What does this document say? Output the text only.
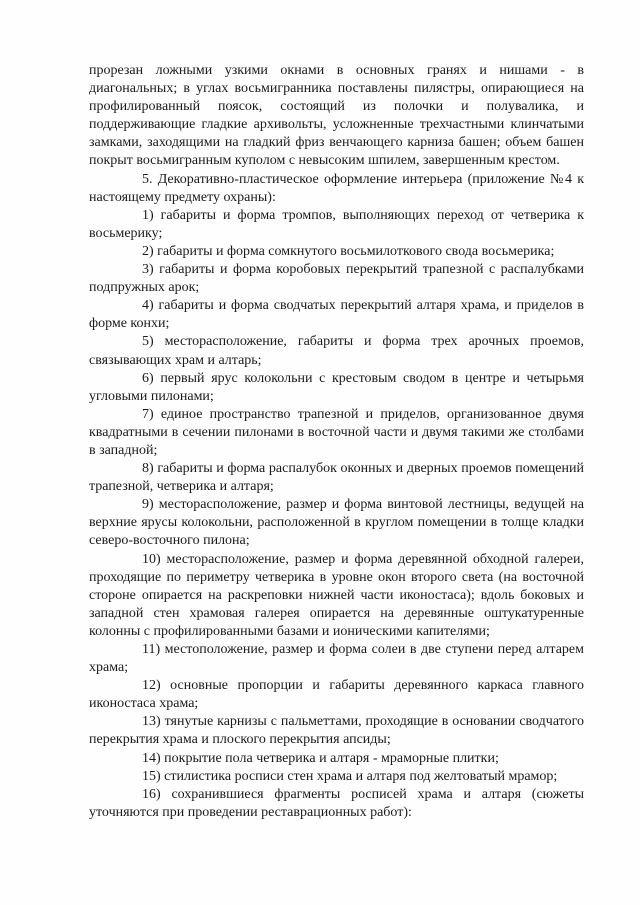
прорезан ложными узкими окнами в основных гранях и нишами - в диагональных; в углах восьмигранника поставлены пилястры, опирающиеся на профилированный поясок, состоящий из полочки и полувалика, и поддерживающие гладкие архивольты, усложненные трехчастными клинчатыми замками, заходящими на гладкий фриз венчающего карниза башен; объем башен покрыт восьмигранным куполом с невысоким шпилем, завершенным крестом.

5. Декоративно-пластическое оформление интерьера (приложение №4 к настоящему предмету охраны):

1) габариты и форма тромпов, выполняющих переход от четверика к восьмерику;

2) габариты и форма сомкнутого восьмилоткового свода восьмерика;

3) габариты и форма коробовых перекрытий трапезной с распалубками подпружных арок;

4) габариты и форма сводчатых перекрытий алтаря храма, и приделов в форме конхи;

5) месторасположение, габариты и форма трех арочных проемов, связывающих храм и алтарь;

6) первый ярус колокольни с крестовым сводом в центре и четырьмя угловыми пилонами;

7) единое пространство трапезной и приделов, организованное двумя квадратными в сечении пилонами в восточной части и двумя такими же столбами в западной;

8) габариты и форма распалубок оконных и дверных проемов помещений трапезной, четверика и алтаря;

9) месторасположение, размер и форма винтовой лестницы, ведущей на верхние ярусы колокольни, расположенной в круглом помещении в толще кладки северо-восточного пилона;

10) месторасположение, размер и форма деревянной обходной галереи, проходящие по периметру четверика в уровне окон второго света (на восточной стороне опирается на раскреповки нижней части иконостаса); вдоль боковых и западной стен храмовая галерея опирается на деревянные оштукатуренные колонны с профилированными базами и ионическими капителями;

11) местоположение, размер и форма солеи в две ступени перед алтарем храма;

12) основные пропорции и габариты деревянного каркаса главного иконостаса храма;

13) тянутые карнизы с пальметтами, проходящие в основании сводчатого перекрытия храма и плоского перекрытия апсиды;

14) покрытие пола четверика и алтаря - мраморные плитки;

15) стилистика росписи стен храма и алтаря под желтоватый мрамор;

16) сохранившиеся фрагменты росписей храма и алтаря (сюжеты уточняются при проведении реставрационных работ):
